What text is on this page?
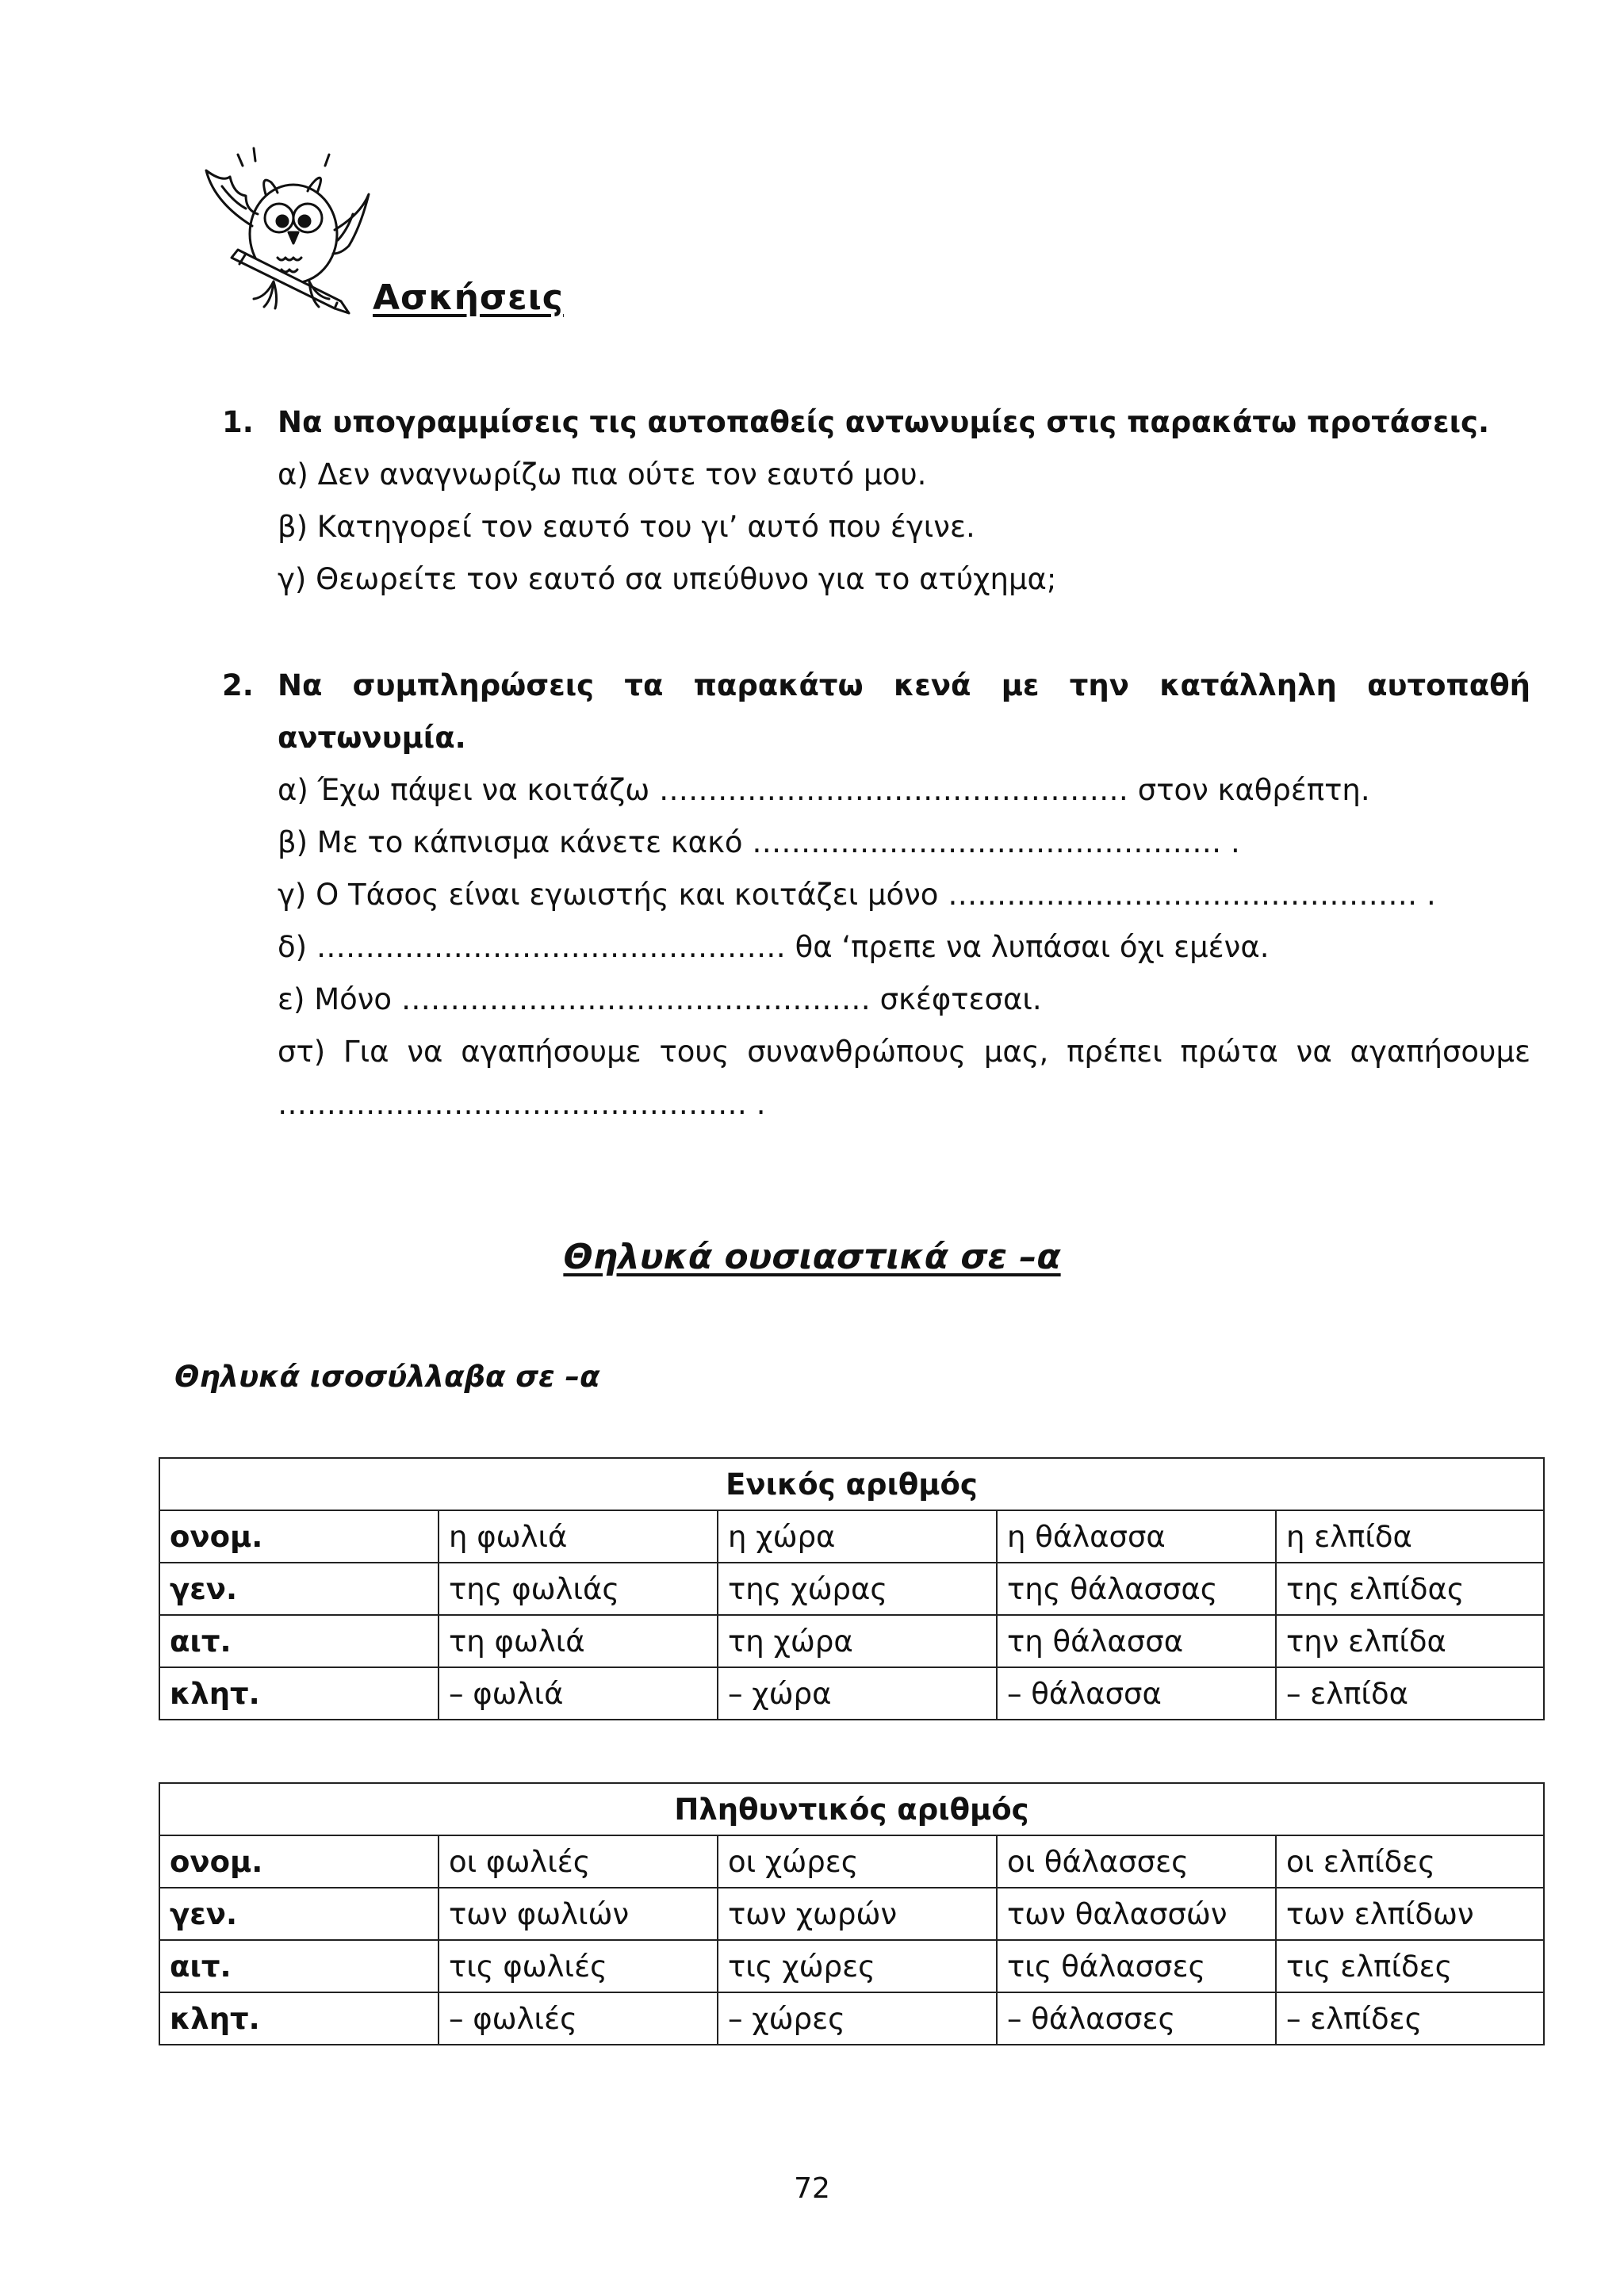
Ασκήσεις
1. Να υπογραμμίσεις τις αυτοπαθείς αντωνυμίες στις παρακάτω προτάσεις.
α) Δεν αναγνωρίζω πια ούτε τον εαυτό μου.
β) Κατηγορεί τον εαυτό του γι’ αυτό που έγινε.
γ) Θεωρείτε τον εαυτό σα υπεύθυνο για το ατύχημα;
2. Να συμπληρώσεις τα παρακάτω κενά με την κατάλληλη αυτοπαθή αντωνυμία.
α) Έχω πάψει να κοιτάζω ………………………………………… στον καθρέπτη.
β) Με το κάπνισμα κάνετε κακό ………………………………………… .
γ) Ο Τάσος είναι εγωιστής και κοιτάζει μόνο ………………………………………… .
δ) ………………………………………… θα ‘πρεπε να λυπάσαι όχι εμένα.
ε) Μόνο ………………………………………… σκέφτεσαι.
στ) Για να αγαπήσουμε τους συνανθρώπους μας, πρέπει πρώτα να αγαπήσουμε ………………………………………… .
Θηλυκά ουσιαστικά σε –α
Θηλυκά ισοσύλλαβα σε –α
Ενικός αριθμός				
ονομ.	η φωλιά	η χώρα	η θάλασσα	η ελπίδα
γεν.	της φωλιάς	της χώρας	της θάλασσας	της ελπίδας
αιτ.	τη φωλιά	τη χώρα	τη θάλασσα	την ελπίδα
κλητ.	– φωλιά	– χώρα	– θάλασσα	– ελπίδα
Πληθυντικός αριθμός				
ονομ.	οι φωλιές	οι χώρες	οι θάλασσες	οι ελπίδες
γεν.	των φωλιών	των χωρών	των θαλασσών	των ελπίδων
αιτ.	τις φωλιές	τις χώρες	τις θάλασσες	τις ελπίδες
κλητ.	– φωλιές	– χώρες	– θάλασσες	– ελπίδες
72
